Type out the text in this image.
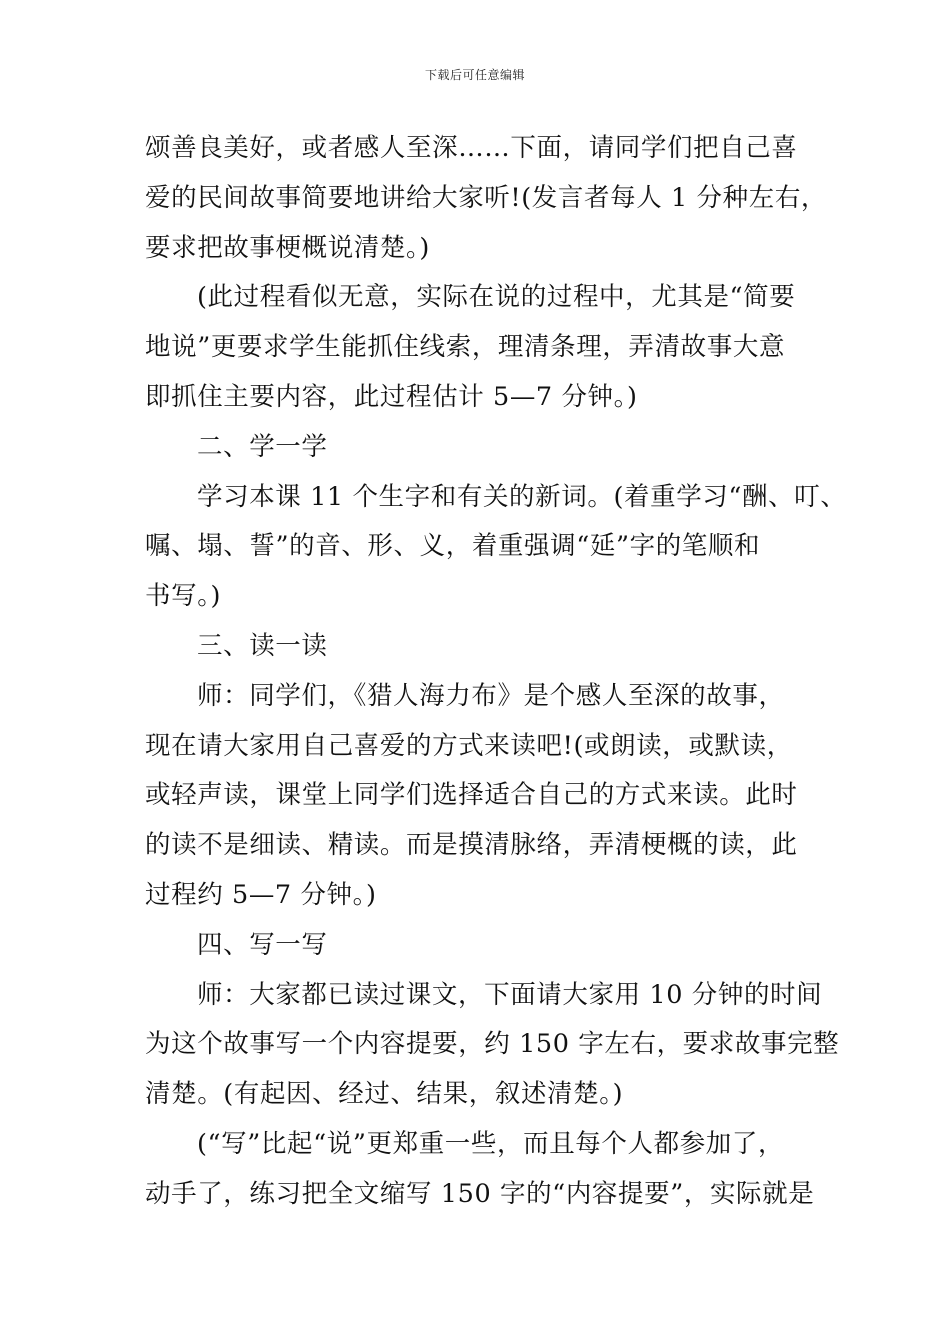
下载后可任意编辑
颂善良美好，或者感人至深……下面，请同学们把自己喜
爱的民间故事简要地讲给大家听!(发言者每人 1 分种左右，
要求把故事梗概说清楚。)
(此过程看似无意，实际在说的过程中，尤其是“简要
地说”更要求学生能抓住线索，理清条理，弄清故事大意
即抓住主要内容，此过程估计 5—7 分钟。)
二、学一学
学习本课 11 个生字和有关的新词。(着重学习“酬、叮、
嘱、塌、誓”的音、形、义，着重强调“延”字的笔顺和
书写。)
三、读一读
师：同学们，《猎人海力布》是个感人至深的故事，
现在请大家用自己喜爱的方式来读吧!(或朗读，或默读，
或轻声读，课堂上同学们选择适合自己的方式来读。此时
的读不是细读、精读。而是摸清脉络，弄清梗概的读，此
过程约 5—7 分钟。)
四、写一写
师：大家都已读过课文，下面请大家用 10 分钟的时间
为这个故事写一个内容提要，约 150 字左右，要求故事完整
清楚。(有起因、经过、结果，叙述清楚。)
(“写”比起“说”更郑重一些，而且每个人都参加了，
动手了，练习把全文缩写 150 字的“内容提要”，实际就是
